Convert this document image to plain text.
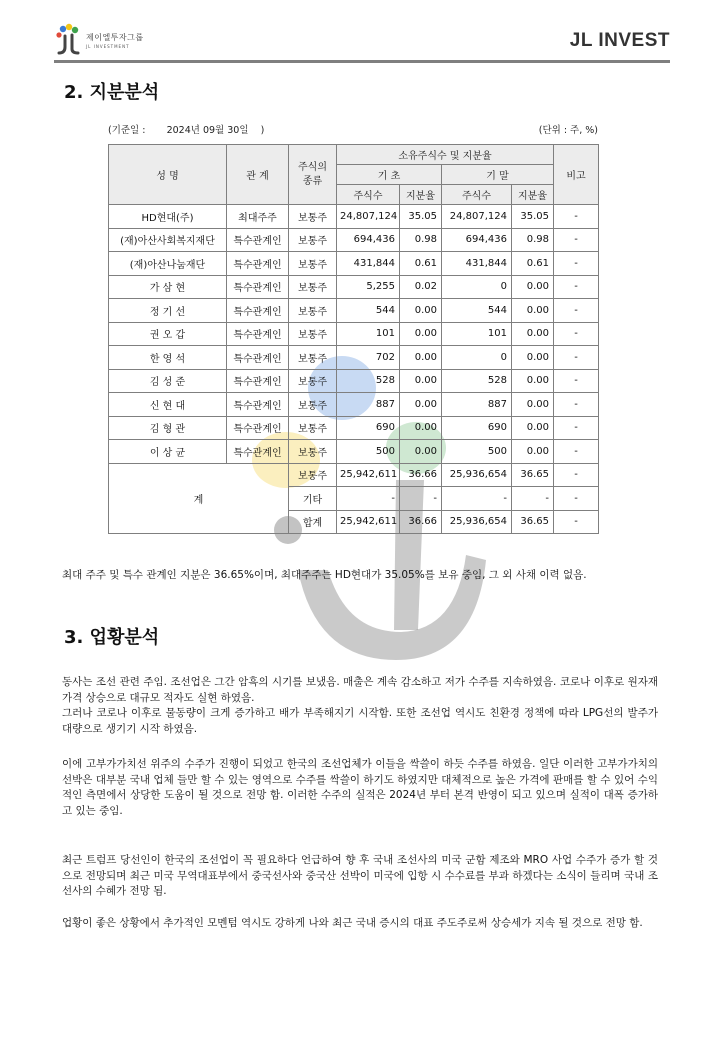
제이엘투자그룹
JL INVESTMENT	JL INVEST
2. 지분분석
(기준일 :       2024년 09월 30일    )	(단위 : 주, %)
성 명	관 계	주식의 종류	소유주식수 및 지분율				비고
			기 초		기 말		
			주식수	지분율	주식수	지분율	
HD현대(주)	최대주주	보통주	24,807,124	35.05	24,807,124	35.05	-
(재)아산사회복지재단	특수관계인	보통주	694,436	0.98	694,436	0.98	-
(재)아산나눔재단	특수관계인	보통주	431,844	0.61	431,844	0.61	-
가 삼 현	특수관계인	보통주	5,255	0.02	0	0.00	-
정 기 선	특수관계인	보통주	544	0.00	544	0.00	-
권 오 갑	특수관계인	보통주	101	0.00	101	0.00	-
한 영 석	특수관계인	보통주	702	0.00	0	0.00	-
김 성 준	특수관계인	보통주	528	0.00	528	0.00	-
신 현 대	특수관계인	보통주	887	0.00	887	0.00	-
김 형 관	특수관계인	보통주	690	0.00	690	0.00	-
이 상 균	특수관계인	보통주	500	0.00	500	0.00	-
계		보통주	25,942,611	36.66	25,936,654	36.65	-
		기타	-	-	-	-	-
		합계	25,942,611	36.66	25,936,654	36.65	-
최대 주주 및 특수 관계인 지분은 36.65%이며, 최대주주는 HD현대가 35.05%를 보유 중임, 그 외 사채 이력 없음.
3. 업황분석
동사는 조선 관련 주임. 조선업은 그간 암흑의 시기를 보냈음. 매출은 계속 감소하고 저가 수주를 지속하였음. 코로나 이후로 원자재 가격 상승으로 대규모 적자도 실현 하였음.
그러나 코로나 이후로 물동량이 크게 증가하고 배가 부족해지기 시작함. 또한 조선업 역시도 친환경 정책에 따라 LPG선의 발주가 대량으로 생기기 시작 하였음.
이에 고부가가치선 위주의 수주가 진행이 되었고 한국의 조선업체가 이들을 싹쓸이 하듯 수주를 하였음. 일단 이러한 고부가가치의 선박은 대부분 국내 업체 들만 할 수 있는 영역으로 수주를 싹쓸이 하기도 하였지만 대체적으로 높은 가격에 판매를 할 수 있어 수익적인 측면에서 상당한 도움이 될 것으로 전망 함. 이러한 수주의 실적은 2024년 부터 본격 반영이 되고 있으며 실적이 대폭 증가하고 있는 중임.
최근 트럼프 당선인이 한국의 조선업이 꼭 필요하다 언급하여 향 후 국내 조선사의 미국 군함 제조와 MRO 사업 수주가 증가 할 것으로 전망되며 최근 미국 무역대표부에서 중국선사와 중국산 선박이 미국에 입항 시 수수료를 부과 하겠다는 소식이 들리며 국내 조선사의 수혜가 전망 됨.
업황이 좋은 상황에서 추가적인 모멘텀 역시도 강하게 나와 최근 국내 증시의 대표 주도주로써 상승세가 지속 될 것으로 전망 함.
